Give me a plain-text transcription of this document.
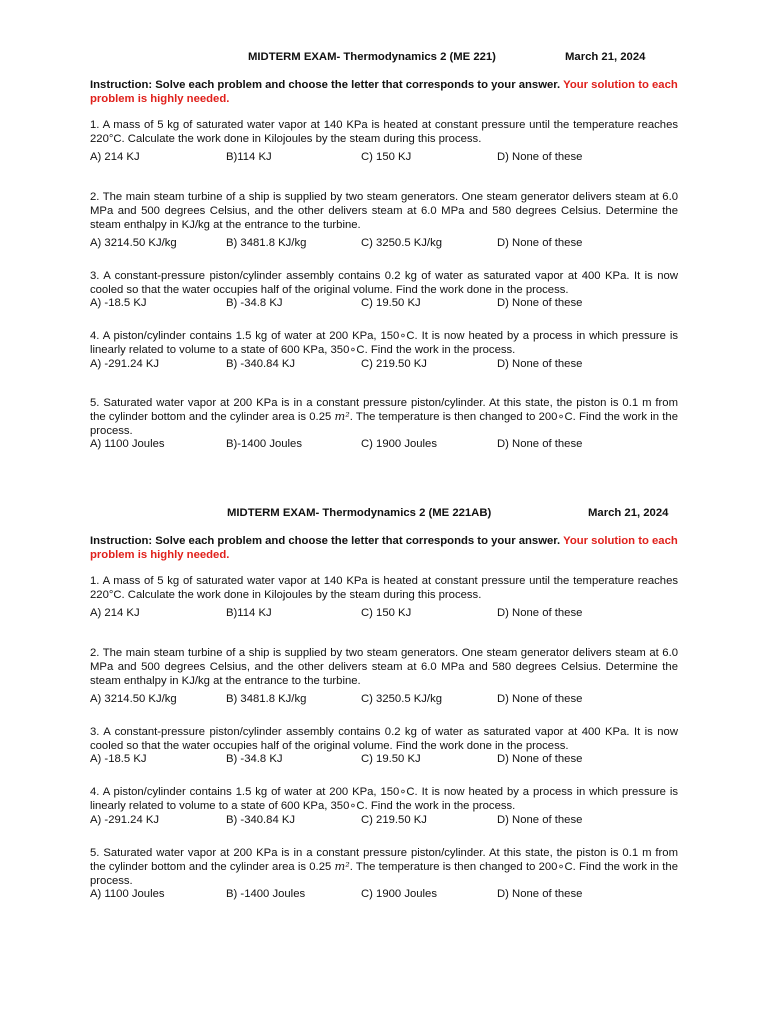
MIDTERM EXAM- Thermodynamics 2 (ME 221)	March 21, 2024
Instruction: Solve each problem and choose the letter that corresponds to your answer. Your solution to each problem is highly needed.
1. A mass of 5 kg of saturated water vapor at 140 KPa is heated at constant pressure until the temperature reaches 220°C. Calculate the work done in Kilojoules by the steam during this process.
A) 214 KJ	B)114 KJ	C) 150 KJ	D) None of these
2. The main steam turbine of a ship is supplied by two steam generators. One steam generator delivers steam at 6.0 MPa and 500 degrees Celsius, and the other delivers steam at 6.0 MPa and 580 degrees Celsius. Determine the steam enthalpy in KJ/kg at the entrance to the turbine.
A) 3214.50 KJ/kg	B) 3481.8 KJ/kg	C) 3250.5 KJ/kg	D) None of these
3. A constant-pressure piston/cylinder assembly contains 0.2 kg of water as saturated vapor at 400 KPa. It is now cooled so that the water occupies half of the original volume. Find the work done in the process.
A) -18.5 KJ	B) -34.8 KJ	C) 19.50 KJ	D) None of these
4. A piston/cylinder contains 1.5 kg of water at 200 KPa, 150∘C. It is now heated by a process in which pressure is linearly related to volume to a state of 600 KPa, 350∘C. Find the work in the process.
A) -291.24 KJ	B) -340.84 KJ	C) 219.50 KJ	D) None of these
5. Saturated water vapor at 200 KPa is in a constant pressure piston/cylinder. At this state, the piston is 0.1 m from the cylinder bottom and the cylinder area is 0.25 m². The temperature is then changed to 200∘C. Find the work in the process.
A) 1100 Joules	B)-1400 Joules	C) 1900 Joules	D) None of these
MIDTERM EXAM- Thermodynamics 2 (ME 221AB)	March 21, 2024
Instruction: Solve each problem and choose the letter that corresponds to your answer. Your solution to each problem is highly needed.
1. A mass of 5 kg of saturated water vapor at 140 KPa is heated at constant pressure until the temperature reaches 220°C. Calculate the work done in Kilojoules by the steam during this process.
A) 214 KJ	B)114 KJ	C) 150 KJ	D) None of these
2. The main steam turbine of a ship is supplied by two steam generators. One steam generator delivers steam at 6.0 MPa and 500 degrees Celsius, and the other delivers steam at 6.0 MPa and 580 degrees Celsius. Determine the steam enthalpy in KJ/kg at the entrance to the turbine.
A) 3214.50 KJ/kg	B) 3481.8 KJ/kg	C) 3250.5 KJ/kg	D) None of these
3. A constant-pressure piston/cylinder assembly contains 0.2 kg of water as saturated vapor at 400 KPa. It is now cooled so that the water occupies half of the original volume. Find the work done in the process.
A) -18.5 KJ	B) -34.8 KJ	C) 19.50 KJ	D) None of these
4. A piston/cylinder contains 1.5 kg of water at 200 KPa, 150∘C. It is now heated by a process in which pressure is linearly related to volume to a state of 600 KPa, 350∘C. Find the work in the process.
A) -291.24 KJ	B) -340.84 KJ	C) 219.50 KJ	D) None of these
5. Saturated water vapor at 200 KPa is in a constant pressure piston/cylinder. At this state, the piston is 0.1 m from the cylinder bottom and the cylinder area is 0.25 m². The temperature is then changed to 200∘C. Find the work in the process.
A) 1100 Joules	B) -1400 Joules	C) 1900 Joules	D) None of these
